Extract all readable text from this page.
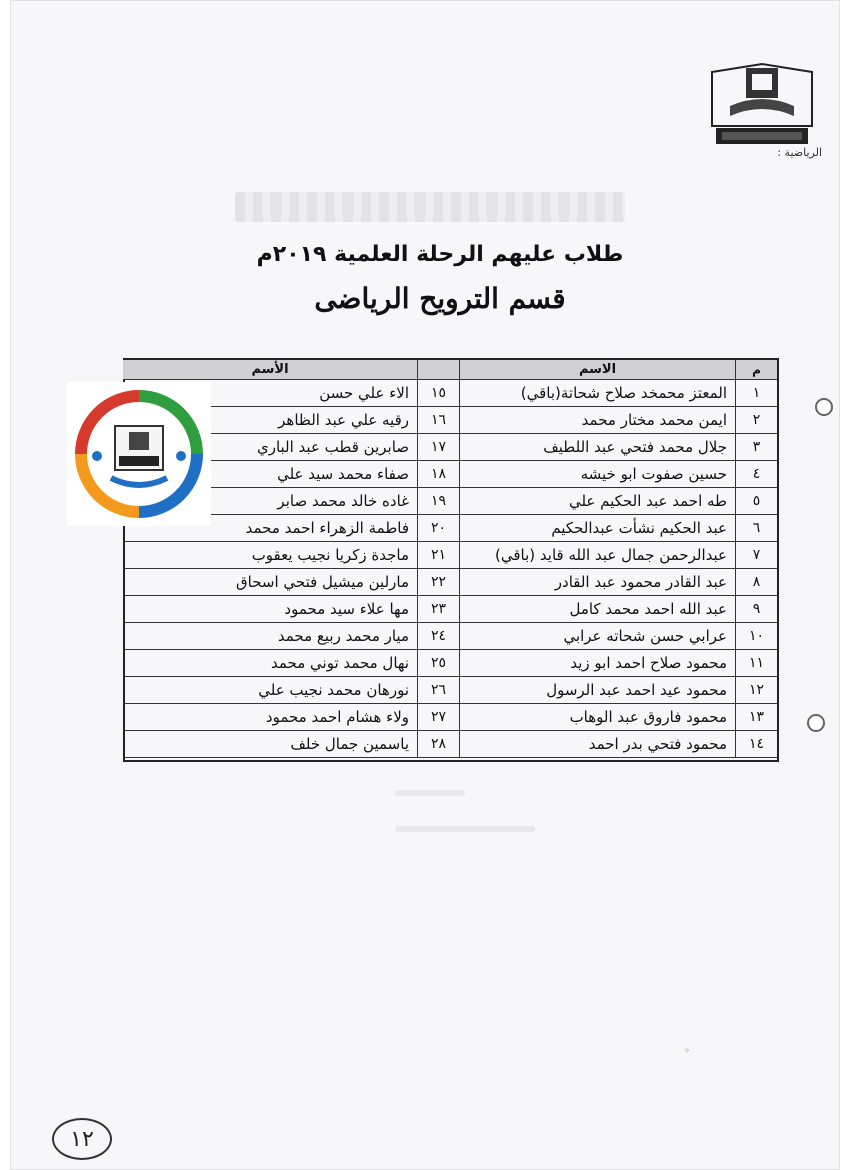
الرياضية :
طلاب عليهم الرحلة العلمية ٢٠١٩م
قسم الترويح الرياضى
م
الاسم
الأسم
١
المعتز محمخد صلاح شحاتة(باقي)
١٥
الاء علي حسن
٢
ايمن محمد مختار محمد
١٦
رقيه علي عبد الظاهر
٣
جلال محمد فتحي عبد اللطيف
١٧
صابرين قطب عبد الباري
٤
حسين صفوت ابو خيشه
١٨
صفاء محمد سيد علي
٥
طه احمد عبد الحكيم علي
١٩
غاده خالد محمد صابر
٦
عبد الحكيم نشأت عبدالحكيم
٢٠
فاطمة الزهراء احمد محمد
٧
عبدالرحمن جمال عبد الله قايد (باقي)
٢١
ماجدة زكريا نجيب يعقوب
٨
عبد القادر محمود عبد القادر
٢٢
مارلين ميشيل فتحي اسحاق
٩
عبد الله احمد محمد كامل
٢٣
مها علاء سيد محمود
١٠
عرابي حسن شحاته عرابي
٢٤
ميار محمد ربيع محمد
١١
محمود صلاح احمد ابو زيد
٢٥
نهال محمد توني محمد
١٢
محمود عيد احمد عبد الرسول
٢٦
نورهان محمد نجيب علي
١٣
محمود فاروق عبد الوهاب
٢٧
ولاء هشام احمد محمود
١٤
محمود فتحي بدر احمد
٢٨
ياسمين جمال خلف
◦
١٢
